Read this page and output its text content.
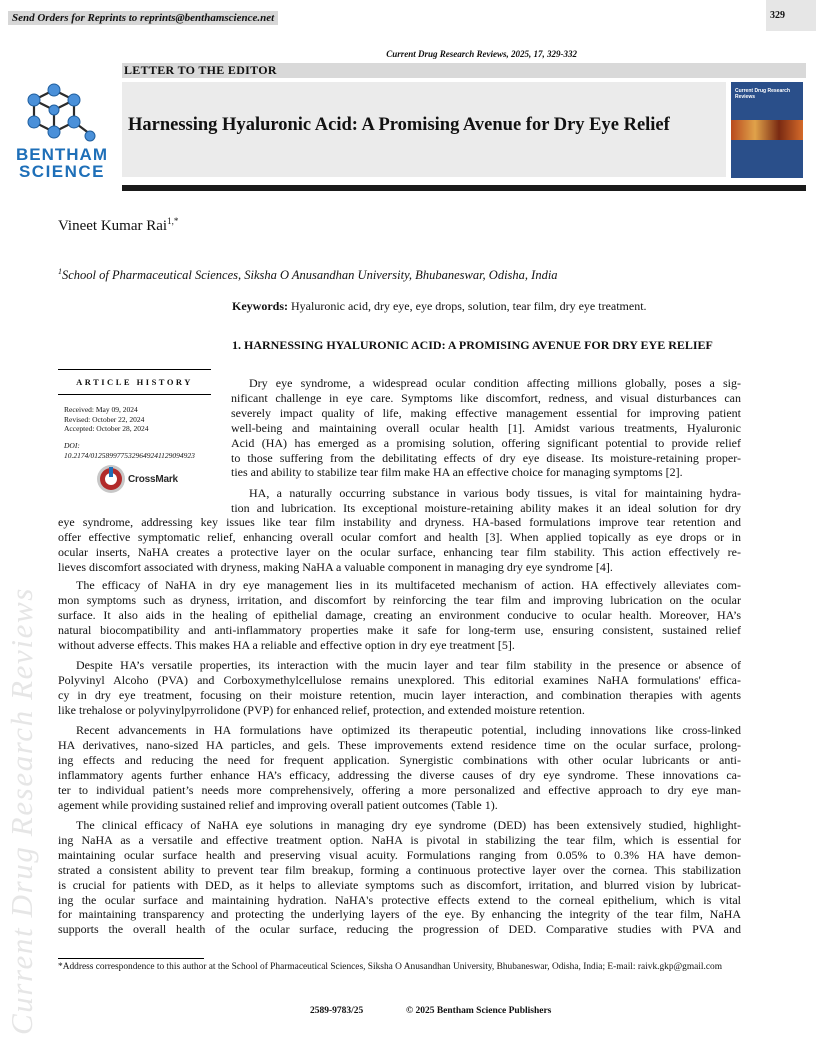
Send Orders for Reprints to reprints@benthamscience.net	329
Current Drug Research Reviews, 2025, 17, 329-332
BENTHAM
SCIENCE
LETTER TO THE EDITOR
Harnessing Hyaluronic Acid: A Promising Avenue for Dry Eye Relief
Current Drug Research Reviews
Vineet Kumar Rai$^{1,*}$
$^1$School of Pharmaceutical Sciences, Siksha O Anusandhan University, Bhubaneswar, Odisha, India
Keywords: Hyaluronic acid, dry eye, eye drops, solution, tear film, dry eye treatment.
1. HARNESSING HYALURONIC ACID: A PROMISING AVENUE FOR DRY EYE RELIEF
ARTICLE HISTORY
Received: May 09, 2024
Revised: October 22, 2024
Accepted: October 28, 2024
DOI:
10.2174/0125899775329649241129094923
CrossMark
Dry eye syndrome, a widespread ocular condition affecting millions globally, poses a sig-
nificant challenge in eye care. Symptoms like discomfort, redness, and visual disturbances can
severely impact quality of life, making effective management essential for improving patient
well-being and maintaining overall ocular health [1]. Amidst various treatments, Hyaluronic
Acid (HA) has emerged as a promising solution, offering significant potential to provide relief
to those suffering from the debilitating effects of dry eye disease. Its moisture-retaining proper-
ties and ability to stabilize tear film make HA an effective choice for managing symptoms [2].
HA, a naturally occurring substance in various body tissues, is vital for maintaining hydra-
tion and lubrication. Its exceptional moisture-retaining ability makes it an ideal solution for dry
eye syndrome, addressing key issues like tear film instability and dryness. HA-based formulations improve tear retention and
offer effective symptomatic relief, enhancing overall ocular comfort and health [3]. When applied topically as eye drops or in
ocular inserts, NaHA creates a protective layer on the ocular surface, enhancing tear film stability. This action effectively re-
lieves discomfort associated with dryness, making NaHA a valuable component in managing dry eye syndrome [4].
The efficacy of NaHA in dry eye management lies in its multifaceted mechanism of action. HA effectively alleviates com-
mon symptoms such as dryness, irritation, and discomfort by reinforcing the tear film and improving lubrication on the ocular
surface. It also aids in the healing of epithelial damage, creating an environment conducive to ocular health. Moreover, HA’s
natural biocompatibility and anti-inflammatory properties make it safe for long-term use, ensuring consistent, sustained relief
without adverse effects. This makes HA a reliable and effective option in dry eye treatment [5].
Despite HA’s versatile properties, its interaction with the mucin layer and tear film stability in the presence or absence of
Polyvinyl Alcoho (PVA) and Corboxymethylcellulose remains unexplored. This editorial examines NaHA formulations' effica-
cy in dry eye treatment, focusing on their moisture retention, mucin layer interaction, and combination therapies with agents
like trehalose or polyvinylpyrrolidone (PVP) for enhanced relief, protection, and extended moisture retention.
Recent advancements in HA formulations have optimized its therapeutic potential, including innovations like cross-linked
HA derivatives, nano-sized HA particles, and gels. These improvements extend residence time on the ocular surface, prolong-
ing effects and reducing the need for frequent application. Synergistic combinations with other ocular lubricants or anti-
inflammatory agents further enhance HA’s efficacy, addressing the diverse causes of dry eye syndrome. These innovations ca-
ter to individual patient’s needs more comprehensively, offering a more personalized and effective approach to dry eye man-
agement while providing sustained relief and improving overall patient outcomes (Table 1).
The clinical efficacy of NaHA eye solutions in managing dry eye syndrome (DED) has been extensively studied, highlight-
ing NaHA as a versatile and effective treatment option. NaHA is pivotal in stabilizing the tear film, which is essential for
maintaining ocular surface health and preserving visual acuity. Formulations ranging from 0.05% to 0.3% HA have demon-
strated a consistent ability to prevent tear film breakup, forming a continuous protective layer over the cornea. This stabilization
is crucial for patients with DED, as it helps to alleviate symptoms such as discomfort, irritation, and blurred vision by lubricat-
ing the ocular surface and maintaining hydration. NaHA's protective effects extend to the corneal epithelium, which is vital
for maintaining transparency and protecting the underlying layers of the eye. By enhancing the integrity of the tear film, NaHA
supports the overall health of the ocular surface, reducing the progression of DED. Comparative studies with PVA and
Current Drug Research Reviews *Address correspondence to this author at the School of Pharmaceutical Sciences, Siksha O Anusandhan University, Bhubaneswar, Odisha, India; E-mail: raivk.gkp@gmail.com
2589-9783/25	© 2025 Bentham Science Publishers
